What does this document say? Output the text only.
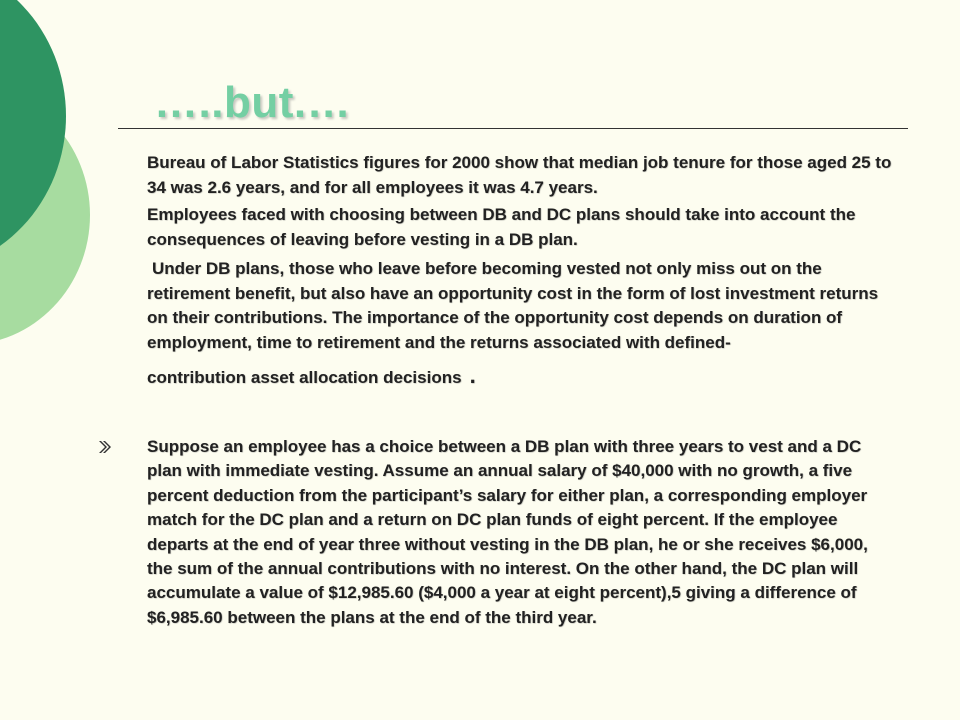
…..but.…
Bureau of Labor Statistics figures for 2000 show that median job tenure for those aged 25 to 34 was 2.6 years, and for all employees it was 4.7 years.
Employees faced with choosing between DB and DC plans should take into account the consequences of leaving before vesting in a DB plan.
Under DB plans, those who leave before becoming vested not only miss out on the retirement benefit, but also have an opportunity cost in the form of lost investment returns on their contributions. The importance of the opportunity cost depends on duration of employment, time to retirement and the returns associated with defined-
contribution asset allocation decisions .
Suppose an employee has a choice between a DB plan with three years to vest and a DC plan with immediate vesting. Assume an annual salary of $40,000 with no growth, a five percent deduction from the participant’s salary for either plan, a corresponding employer match for the DC plan and a return on DC plan funds of eight percent. If the employee departs at the end of year three without vesting in the DB plan, he or she receives $6,000, the sum of the annual contributions with no interest. On the other hand, the DC plan will accumulate a value of $12,985.60 ($4,000 a year at eight percent),5 giving a difference of $6,985.60 between the plans at the end of the third year.
